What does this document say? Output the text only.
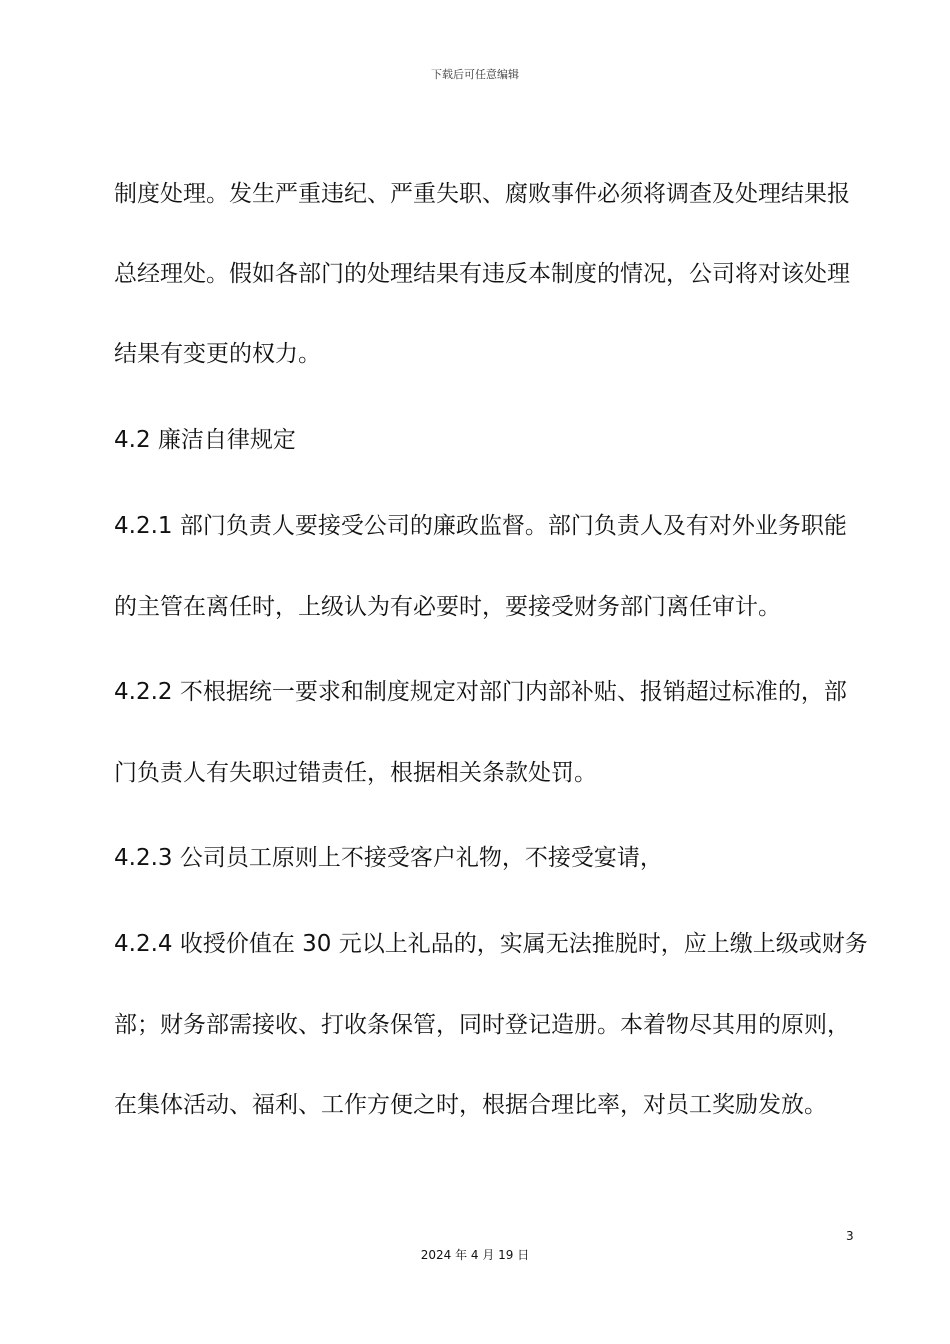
下载后可任意编辑
制度处理。发生严重违纪、严重失职、腐败事件必须将调查及处理结果报
总经理处。假如各部门的处理结果有违反本制度的情况，公司将对该处理
结果有变更的权力。
4.2 廉洁自律规定
4.2.1 部门负责人要接受公司的廉政监督。部门负责人及有对外业务职能
的主管在离任时，上级认为有必要时，要接受财务部门离任审计。
4.2.2 不根据统一要求和制度规定对部门内部补贴、报销超过标准的，部
门负责人有失职过错责任，根据相关条款处罚。
4.2.3 公司员工原则上不接受客户礼物，不接受宴请，
4.2.4 收授价值在 30 元以上礼品的，实属无法推脱时，应上缴上级或财务
部；财务部需接收、打收条保管，同时登记造册。本着物尽其用的原则，
在集体活动、福利、工作方便之时，根据合理比率，对员工奖励发放。
3
2024 年 4 月 19 日
